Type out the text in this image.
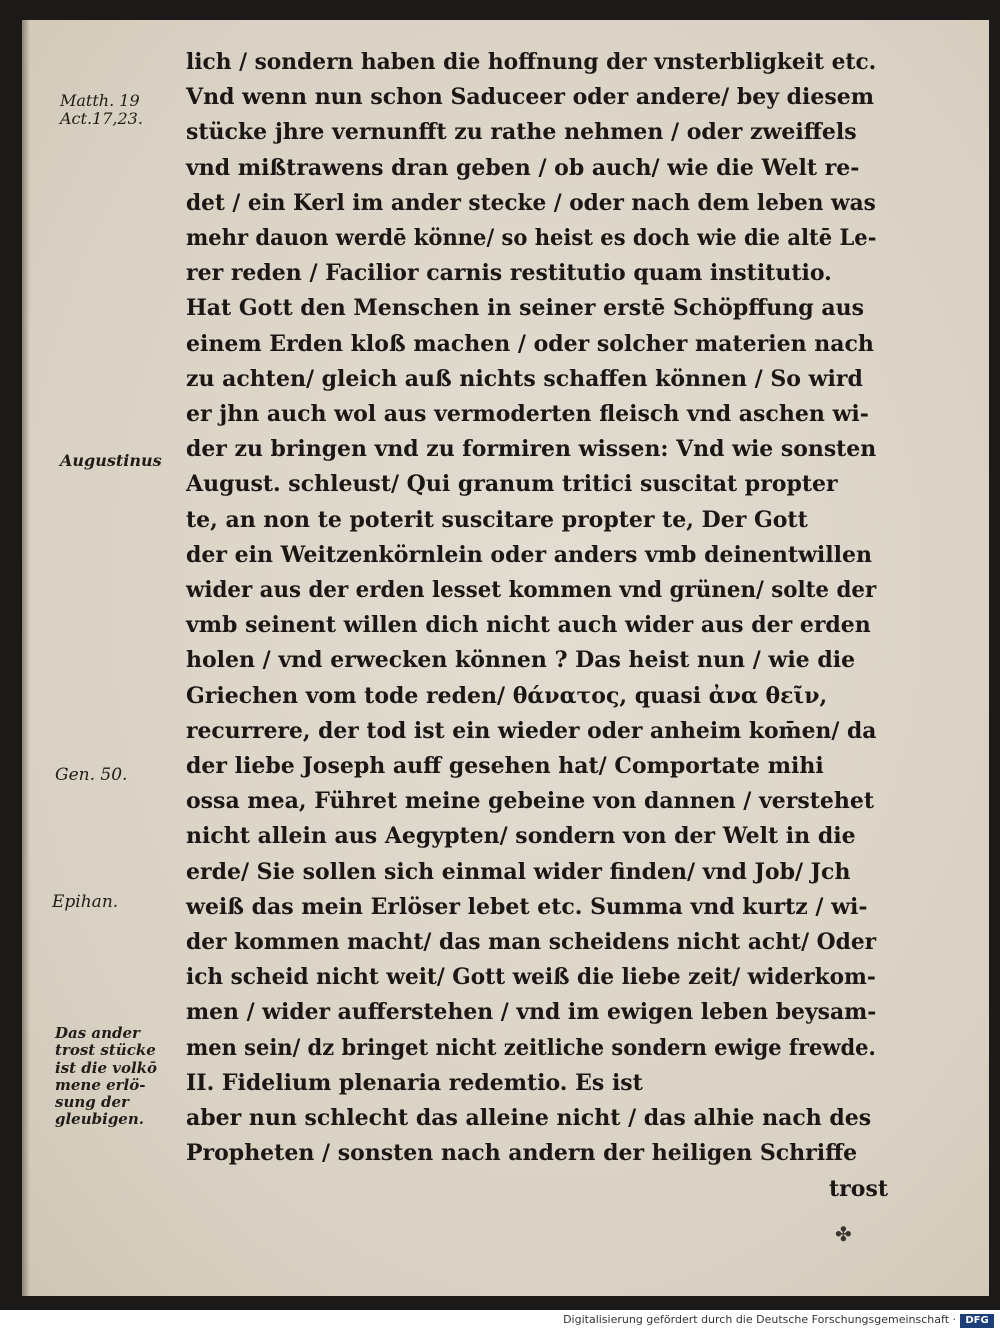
Matth. 19
Act.17,23.
Augustinus
Gen. 50.
Epihan.
Das ander
trost stücke
ist die volkō
mene erlö-
sung der
gleubigen.
lich / sondern haben die hoffnung der vnsterbligkeit etc.
Vnd wenn nun schon Saduceer oder andere/ bey diesem
stücke jhre vernunfft zu rathe nehmen / oder zweiffels
vnd mißtrawens dran geben / ob auch/ wie die Welt re-
det / ein Kerl im ander stecke / oder nach dem leben was
mehr dauon werdē könne/ so heist es doch wie die altē Le-
rer reden / Facilior carnis restitutio quam institutio.
Hat Gott den Menschen in seiner erstē Schöpffung aus
einem Erden kloß machen / oder solcher materien nach
zu achten/ gleich auß nichts schaffen können / So wird
er jhn auch wol aus vermoderten fleisch vnd aschen wi-
der zu bringen vnd zu formiren wissen: Vnd wie sonsten
August. schleust/ Qui granum tritici suscitat propter
te, an non te poterit suscitare propter te, Der Gott
der ein Weitzenkörnlein oder anders vmb deinentwillen
wider aus der erden lesset kommen vnd grünen/ solte der
vmb seinent willen dich nicht auch wider aus der erden
holen / vnd erwecken können ? Das heist nun / wie die
Griechen vom tode reden/ θάνατος, quasi ἀνα θεῖν,
recurrere, der tod ist ein wieder oder anheim kom̄en/ da
der liebe Joseph auff gesehen hat/ Comportate mihi
ossa mea, Führet meine gebeine von dannen / verstehet
nicht allein aus Aegypten/ sondern von der Welt in die
erde/ Sie sollen sich einmal wider finden/ vnd Job/ Jch
weiß das mein Erlöser lebet etc. Summa vnd kurtz / wi-
der kommen macht/ das man scheidens nicht acht/ Oder
ich scheid nicht weit/ Gott weiß die liebe zeit/ widerkom-
men / wider aufferstehen / vnd im ewigen leben beysam-
men sein/ dz bringet nicht zeitliche sondern ewige frewde.
II. Fidelium plenaria redemtio. Es ist
aber nun schlecht das alleine nicht / das alhie nach des
Propheten / sonsten nach andern der heiligen Schriffe
trost
✤
Digitalisierung gefördert durch die Deutsche Forschungsgemeinschaft · DFG
